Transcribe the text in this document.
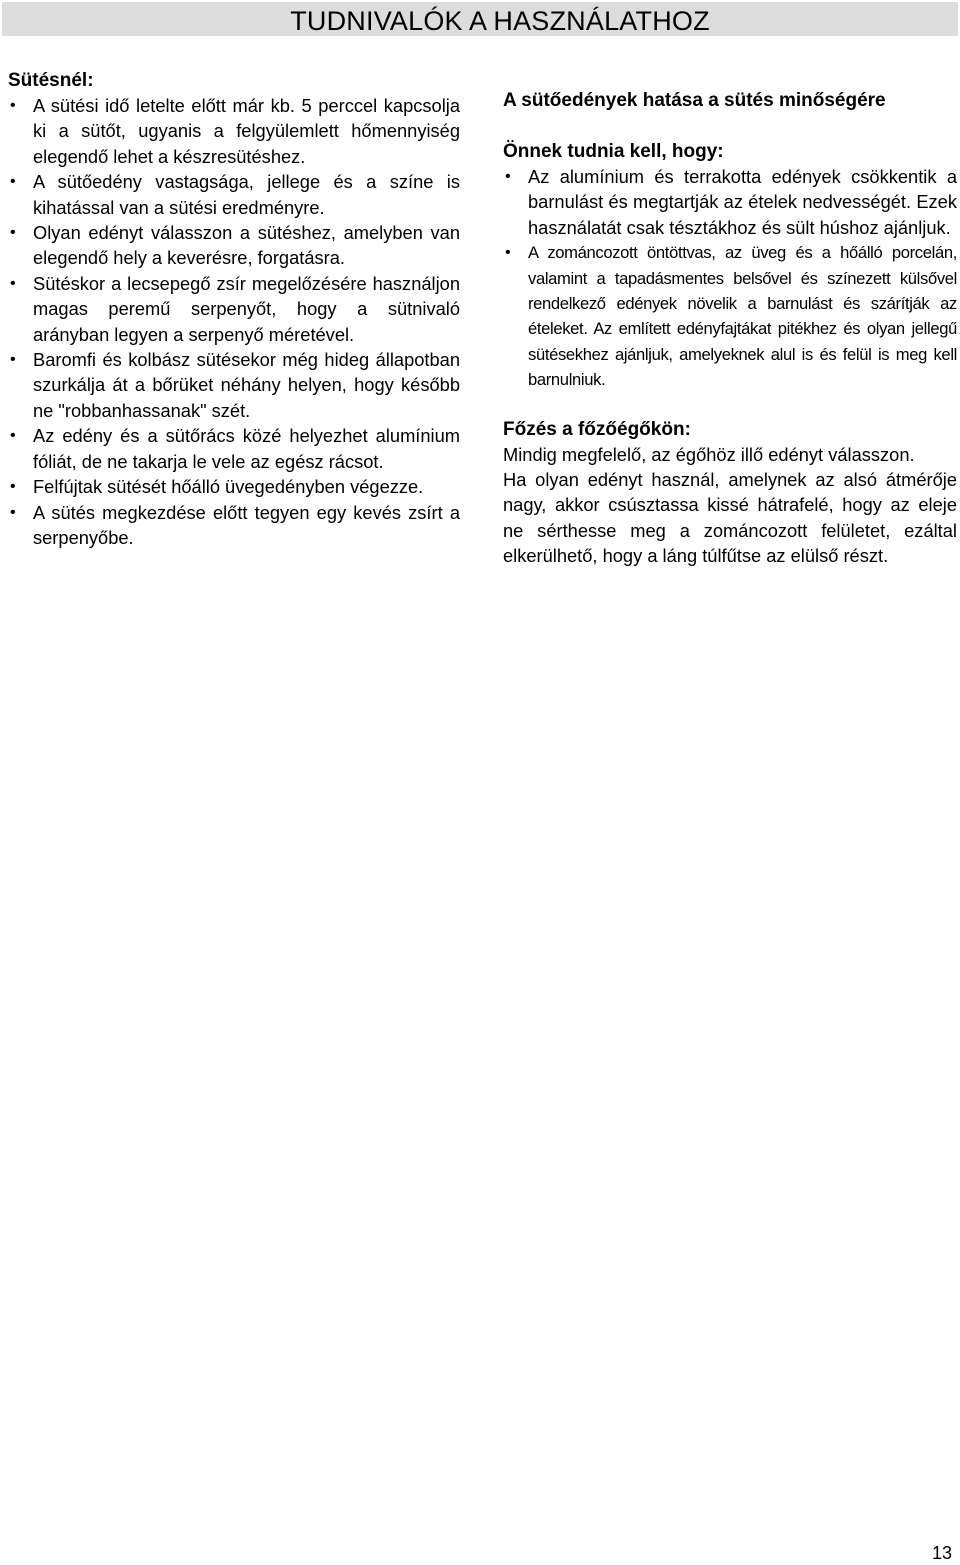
TUDNIVALÓK A HASZNÁLATHOZ
Sütésnél:
• A sütési idő letelte előtt már kb. 5 perccel kapcsolja ki a sütőt, ugyanis a felgyülemlett hőmennyiség elegendő lehet a készresütéshez.
• A sütőedény vastagsága, jellege és a színe is kihatással van a sütési eredményre.
• Olyan edényt válasszon a sütéshez, amelyben van elegendő hely a keverésre, forgatásra.
• Sütéskor a lecsepegő zsír megelőzésére használjon magas peremű serpenyőt, hogy a sütnivaló arányban legyen a serpenyő méretével.
• Baromfi és kolbász sütésekor még hideg állapotban szurkálja át a bőrüket néhány helyen, hogy később ne "robbanhassanak" szét.
• Az edény és a sütőrács közé helyezhet alumínium fóliát, de ne takarja le vele az egész rácsot.
• Felfújtak sütését hőálló üvegedényben végezze.
• A sütés megkezdése előtt tegyen egy kevés zsírt a serpenyőbe.
A sütőedények hatása a sütés minőségére
Önnek tudnia kell, hogy:
• Az alumínium és terrakotta edények csökkentik a barnulást és megtartják az ételek nedvességét. Ezek használatát csak tésztákhoz és sült húshoz ajánljuk.
• A zománcozott öntöttvas, az üveg és a hőálló porcelán, valamint a tapadásmentes belsővel és színezett külsővel rendelkező edények növelik a barnulást és szárítják az ételeket. Az említett edényfajtákat pitékhez és olyan jellegű sütésekhez ajánljuk, amelyeknek alul is és felül is meg kell barnulniuk.
Főzés a főzőégőkön:

Mindig megfelelő, az égőhöz illő edényt válasszon.

Ha olyan edényt használ, amelynek az alsó átmérője nagy, akkor csúsztassa kissé hátrafelé, hogy az eleje ne sérthesse meg a zománcozott felületet, ezáltal elkerülhető, hogy a láng túlfűtse az elülső részt.

13
